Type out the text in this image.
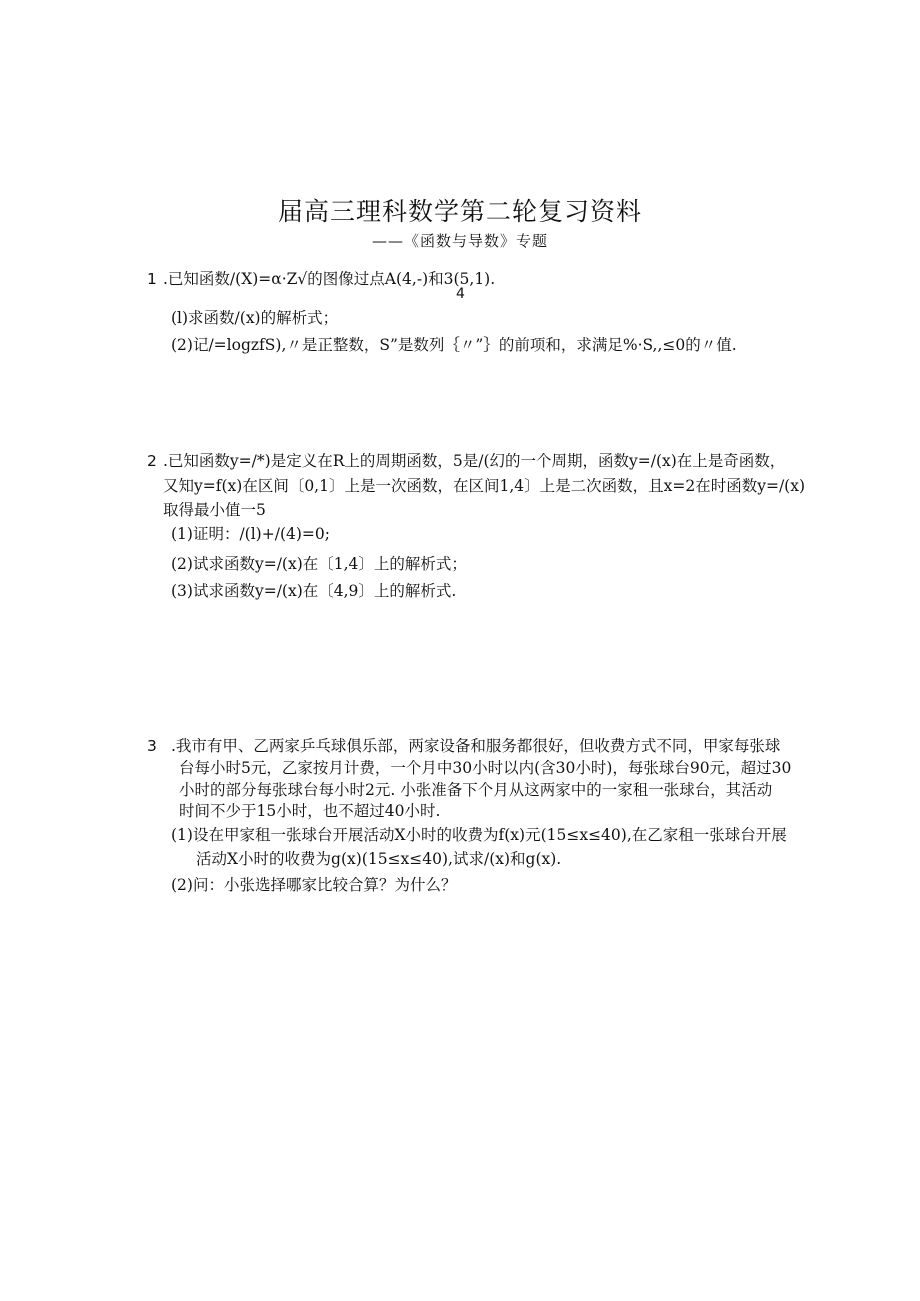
届高三理科数学第二轮复习资料
——《函数与导数》专题
1 .已知函数/(X)=α·Z√的图像过点A(4,-)和3(5,1).
4
(l)求函数/(x)的解析式；
(2)记/=logzfS),〃是正整数，S”是数列｛〃”｝的前项和，求满足%·S,,≤0的〃值.
2 .已知函数y=/*)是定义在R上的周期函数，5是/(幻的一个周期，函数y=/(x)在上是奇函数，
又知y=f(x)在区间〔0,1〕上是一次函数，在区间1,4〕上是二次函数，且x=2在时函数y=/(x)
取得最小值一5
(1)证明：/(l)+/(4)=0;
(2)试求函数y=/(x)在〔1,4〕上的解析式；
(3)试求函数y=/(x)在〔4,9〕上的解析式.
3 .我市有甲、乙两家乒乓球俱乐部，两家设备和服务都很好，但收费方式不同，甲家每张球
台每小时5元，乙家按月计费，一个月中30小时以内(含30小时)，每张球台90元，超过30
小时的部分每张球台每小时2元. 小张准备下个月从这两家中的一家租一张球台，其活动
时间不少于15小时，也不超过40小时.
(1)设在甲家租一张球台开展活动X小时的收费为f(x)元(15≤x≤40),在乙家租一张球台开展
活动X小时的收费为g(x)(15≤x≤40),试求/(x)和g(x).
(2)问：小张选择哪家比较合算？为什么？
